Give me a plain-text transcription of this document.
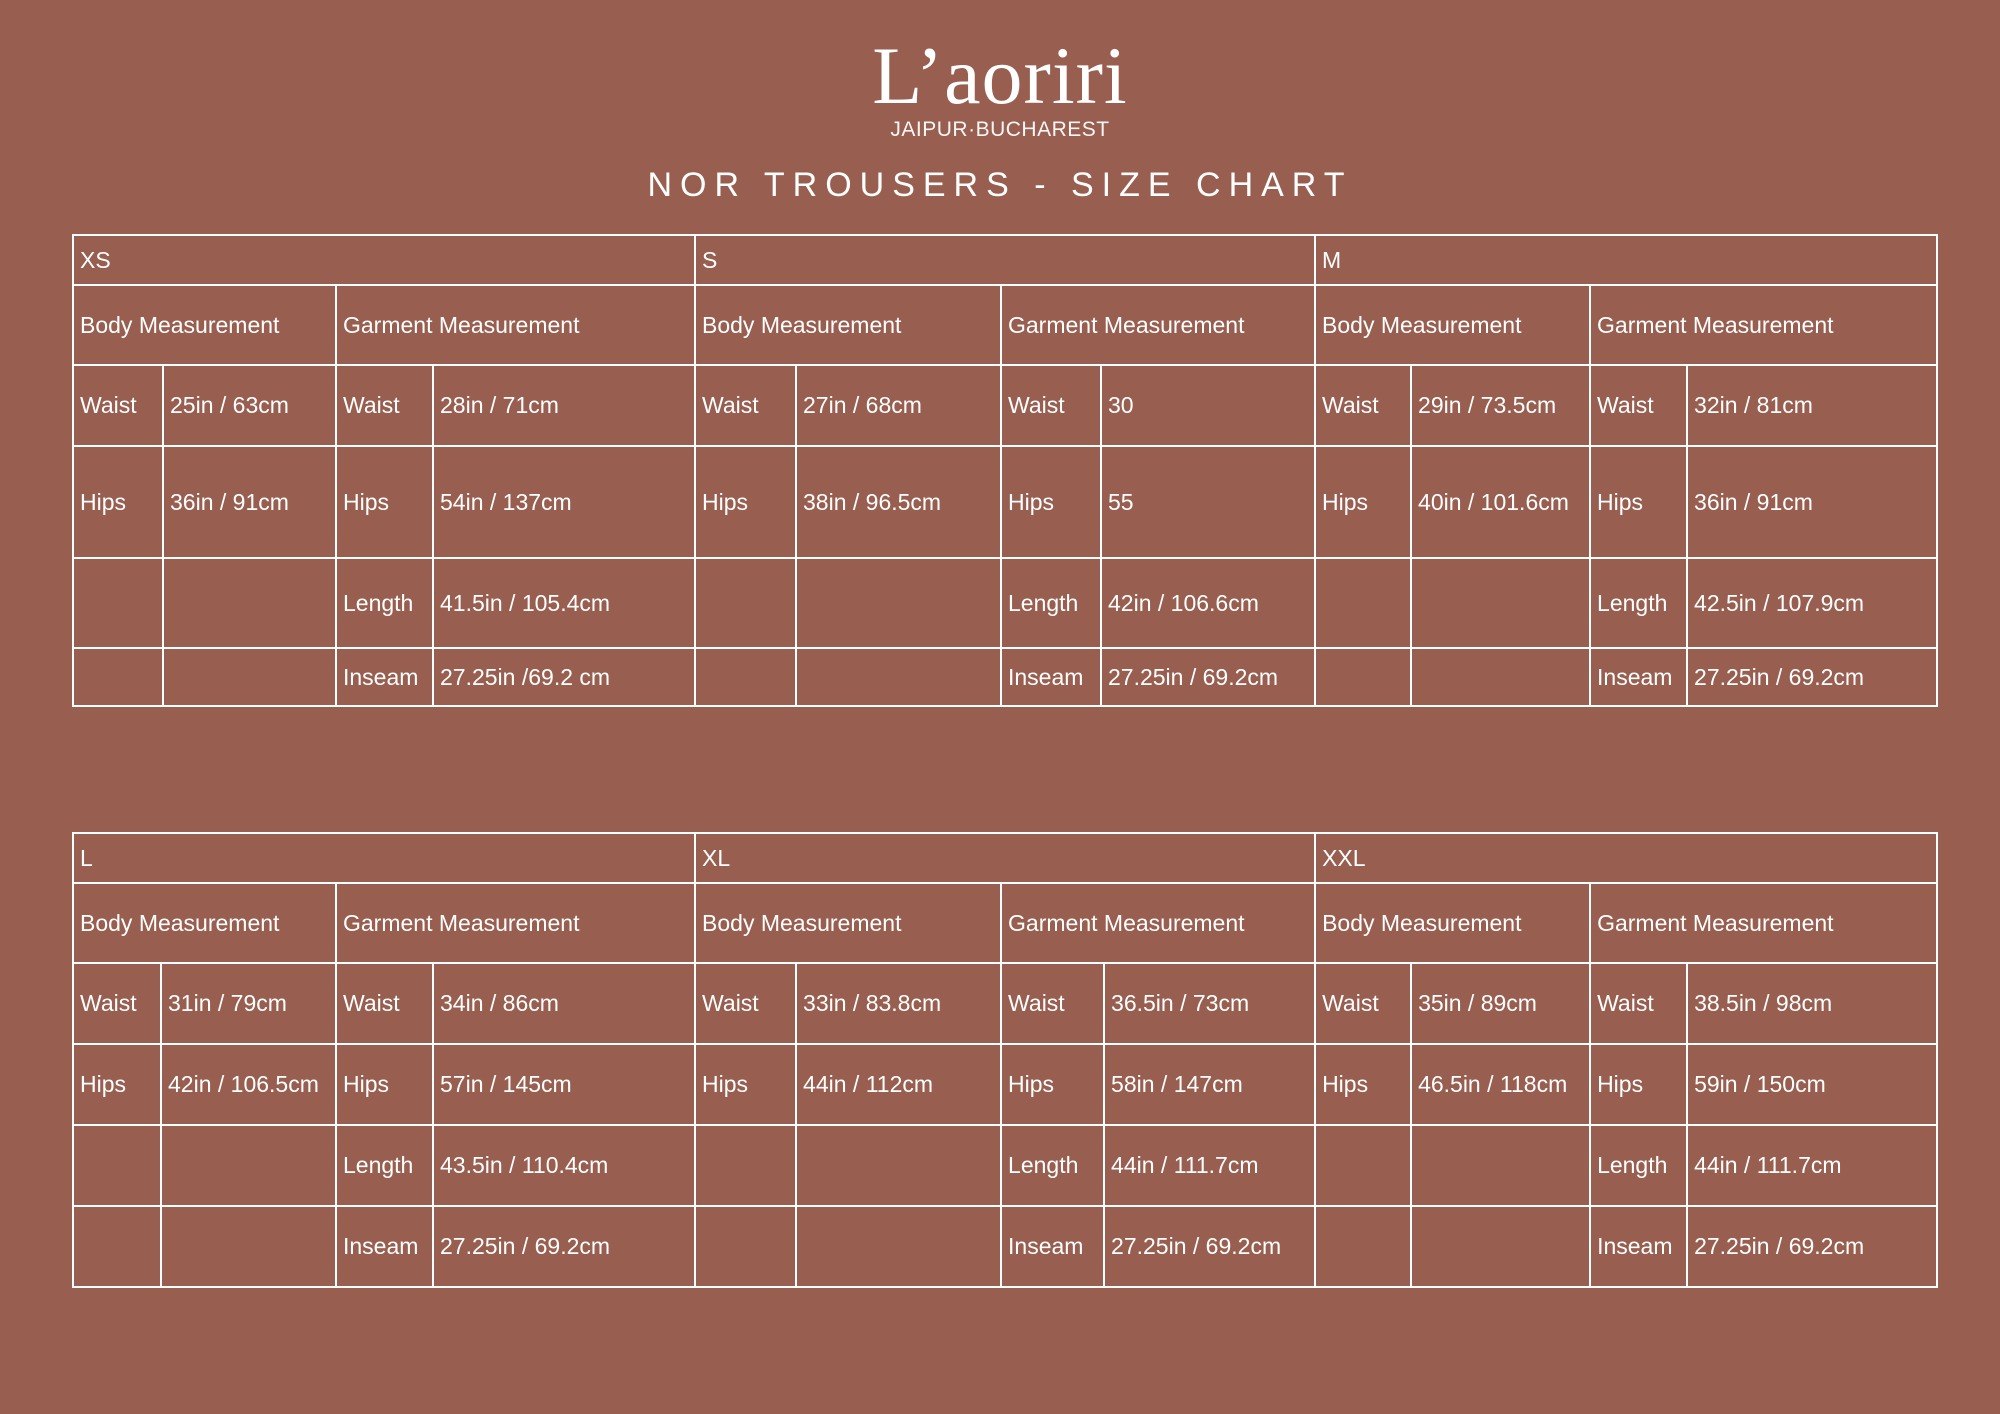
L’aoriri
JAIPUR·BUCHAREST
NOR TROUSERS - SIZE CHART
XS				S				M			
Body Measurement		Garment Measurement		Body Measurement		Garment Measurement		Body Measurement		Garment Measurement	
Waist	25in / 63cm	Waist	28in / 71cm	Waist	27in / 68cm	Waist	30	Waist	29in / 73.5cm	Waist	32in / 81cm
Hips	36in / 91cm	Hips	54in / 137cm	Hips	38in / 96.5cm	Hips	55	Hips	40in / 101.6cm	Hips	36in / 91cm
		Length	41.5in / 105.4cm			Length	42in / 106.6cm			Length	42.5in / 107.9cm
		Inseam	27.25in /69.2 cm			Inseam	27.25in / 69.2cm			Inseam	27.25in / 69.2cm
L				XL				XXL			
Body Measurement		Garment Measurement		Body Measurement		Garment Measurement		Body Measurement		Garment Measurement	
Waist	31in / 79cm	Waist	34in / 86cm	Waist	33in / 83.8cm	Waist	36.5in / 73cm	Waist	35in / 89cm	Waist	38.5in / 98cm
Hips	42in / 106.5cm	Hips	57in / 145cm	Hips	44in / 112cm	Hips	58in / 147cm	Hips	46.5in / 118cm	Hips	59in / 150cm
		Length	43.5in / 110.4cm			Length	44in / 111.7cm			Length	44in / 111.7cm
		Inseam	27.25in / 69.2cm			Inseam	27.25in / 69.2cm			Inseam	27.25in / 69.2cm
